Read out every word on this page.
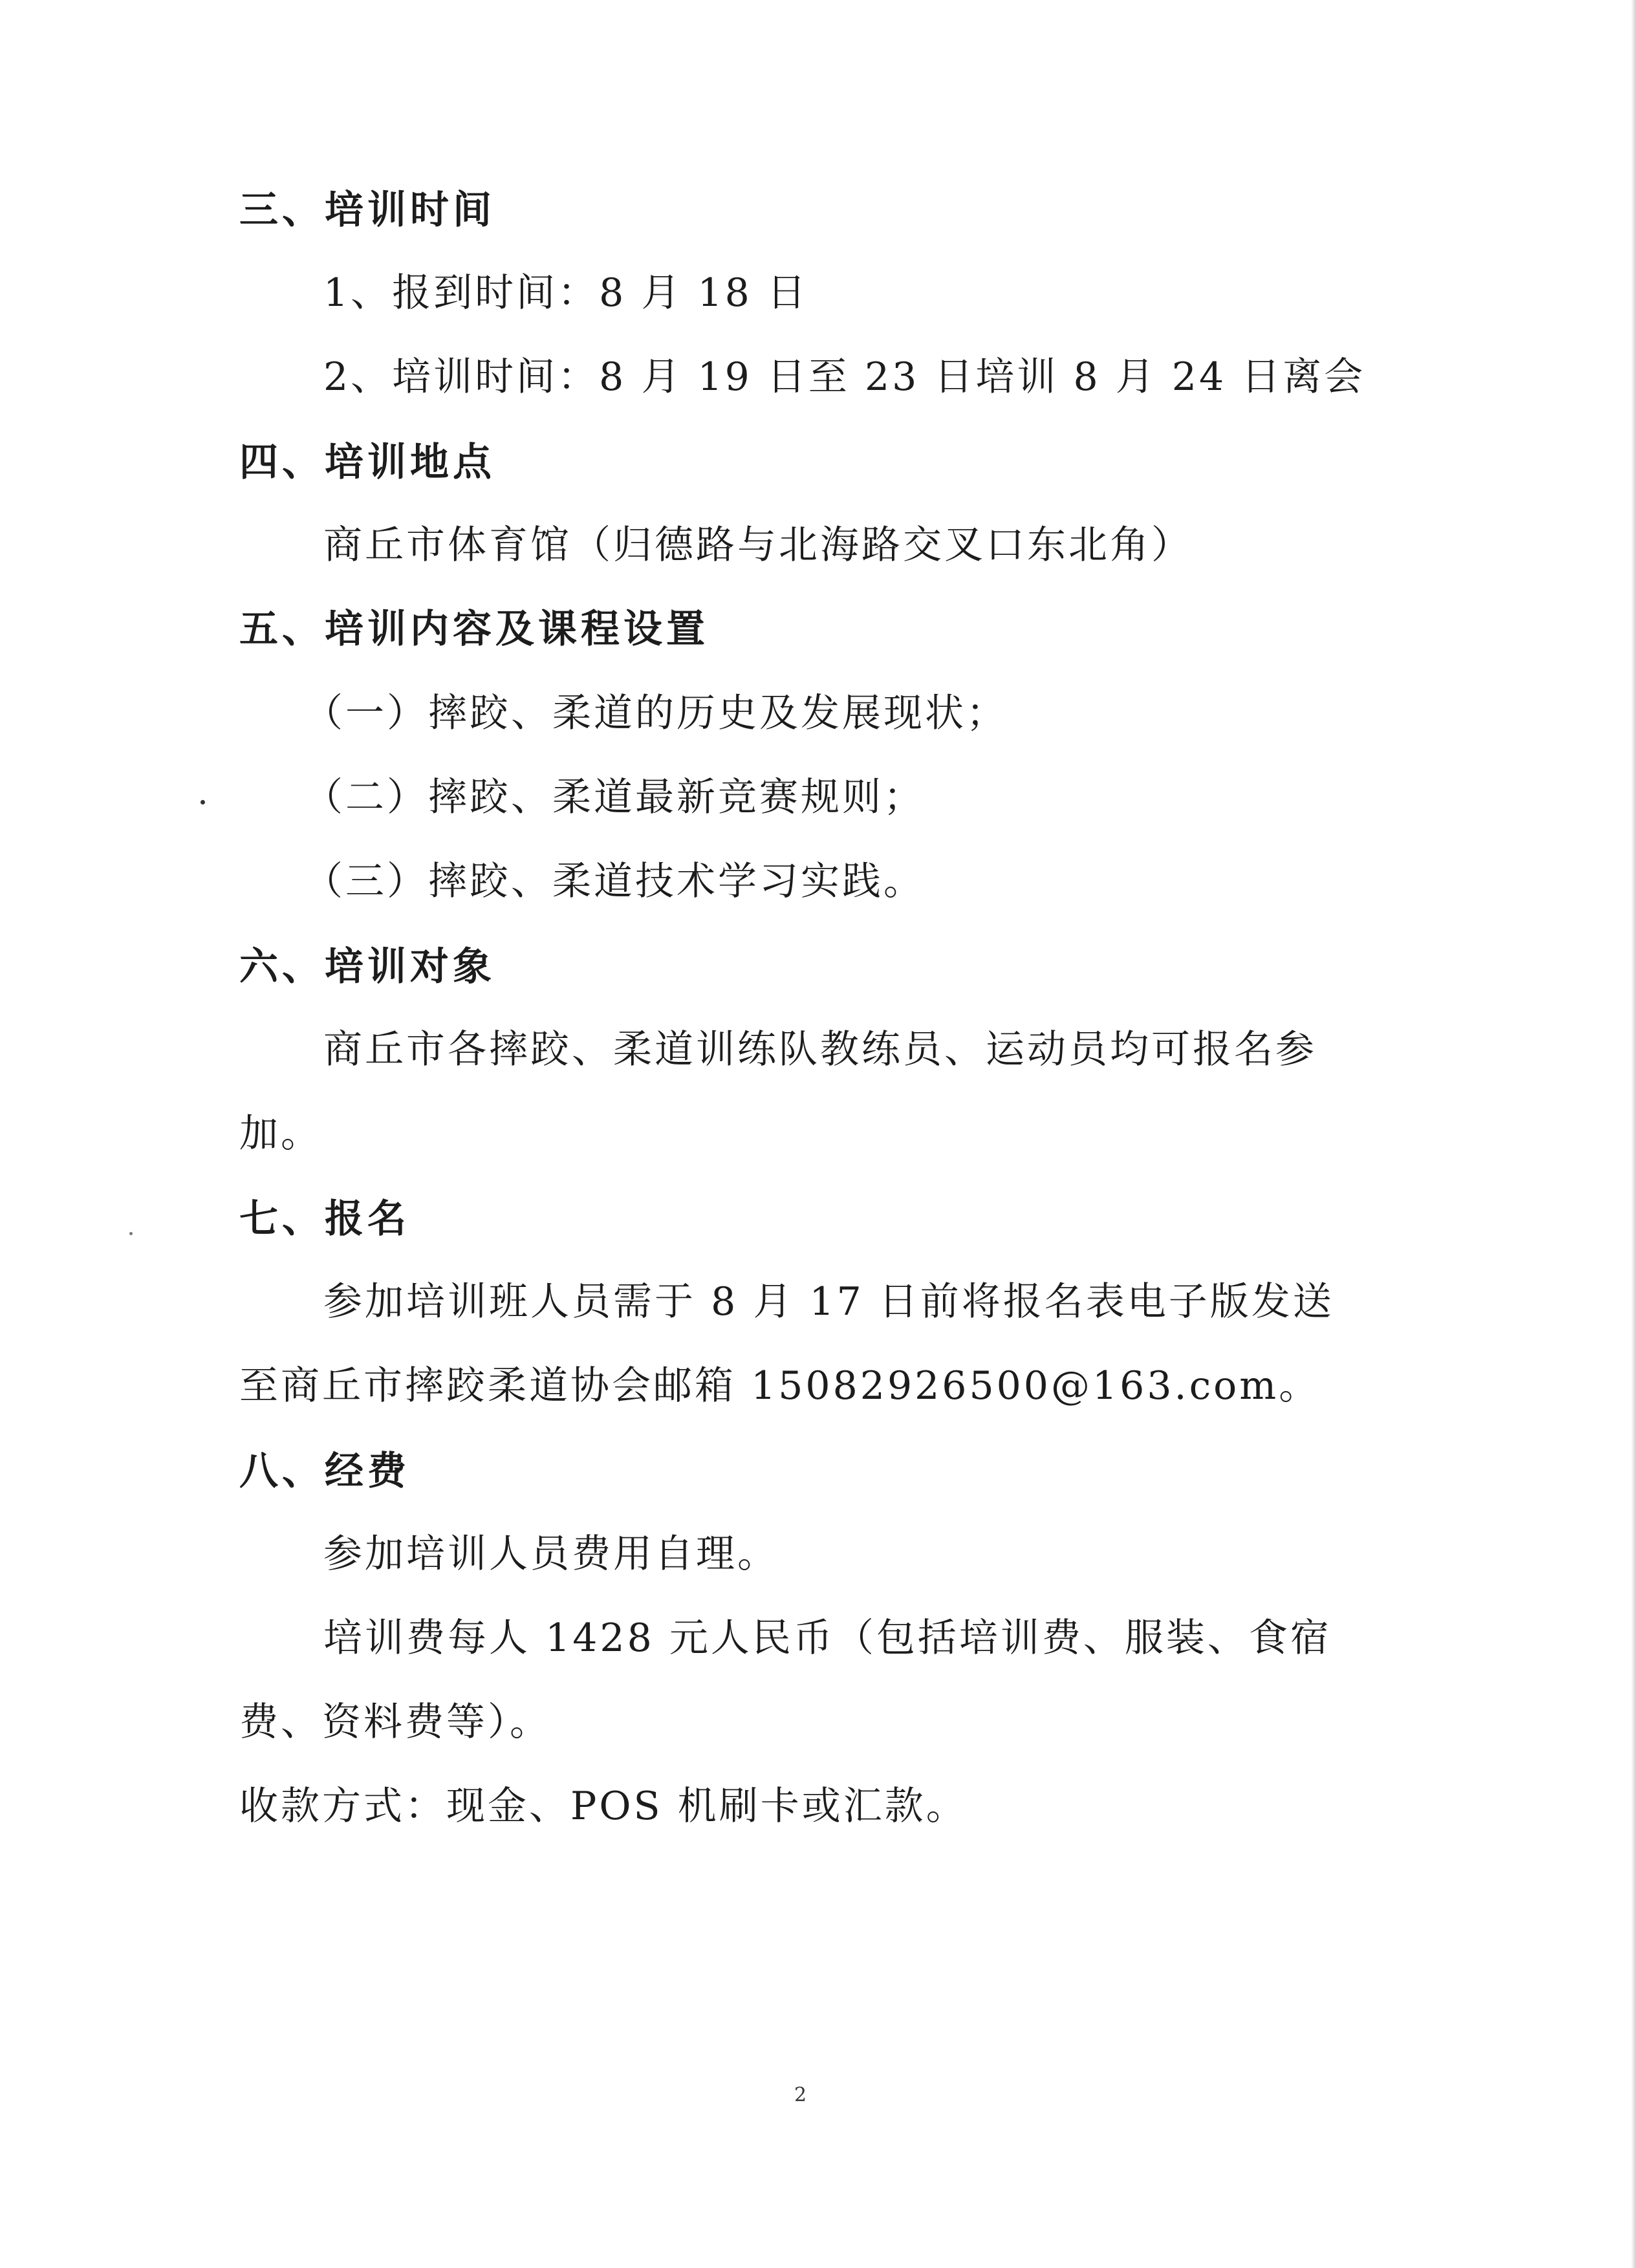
三、培训时间
1、报到时间：8 月 18 日
2、培训时间：8 月 19 日至 23 日培训 8 月 24 日离会
四、培训地点
商丘市体育馆（归德路与北海路交叉口东北角）
五、培训内容及课程设置
（一）摔跤、柔道的历史及发展现状；
（二）摔跤、柔道最新竞赛规则；
（三）摔跤、柔道技术学习实践。
六、培训对象
商丘市各摔跤、柔道训练队教练员、运动员均可报名参
加。
七、报名
参加培训班人员需于 8 月 17 日前将报名表电子版发送
至商丘市摔跤柔道协会邮箱 15082926500@163.com。
八、经费
参加培训人员费用自理。
培训费每人 1428 元人民币（包括培训费、服装、食宿
费、资料费等）。
收款方式：现金、POS 机刷卡或汇款。
2
